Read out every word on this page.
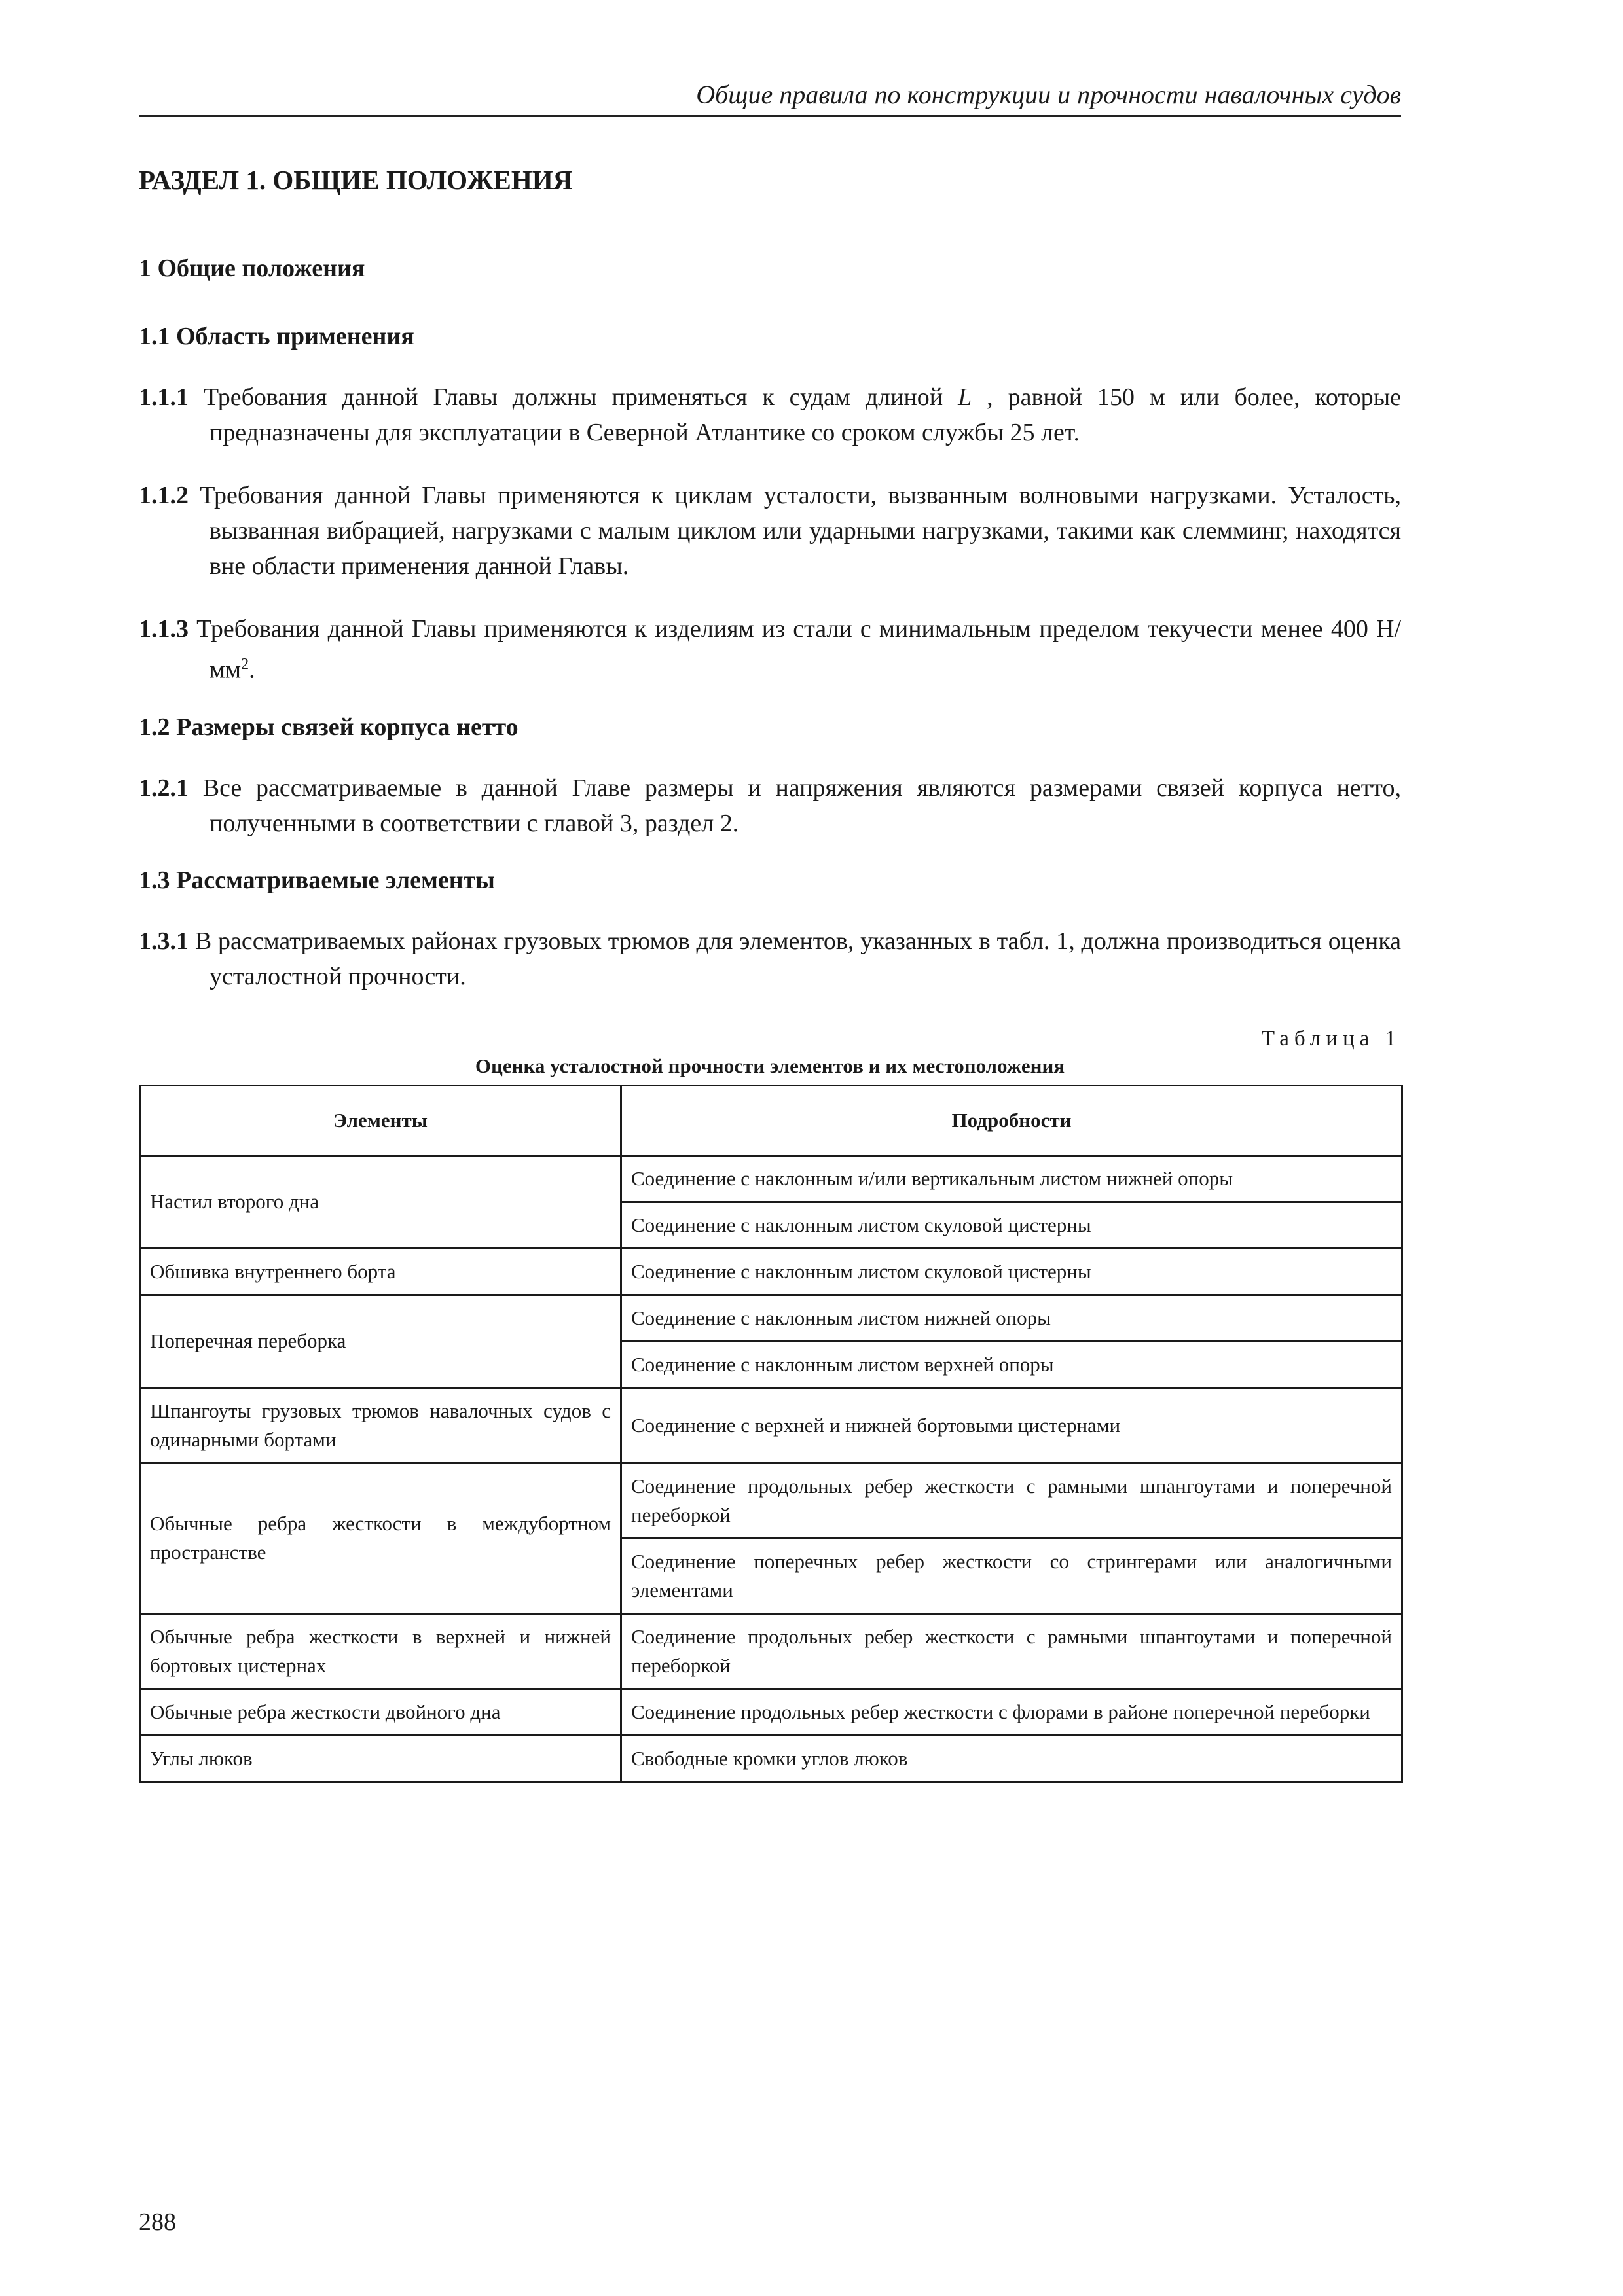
Общие правила по конструкции и прочности навалочных судов
РАЗДЕЛ 1. ОБЩИЕ ПОЛОЖЕНИЯ
1 Общие положения
1.1 Область применения

1.1.1 Требования данной Главы должны применяться к судам длиной L , равной 150 м или более, которые предназначены для эксплуатации в Северной Атлантике со сроком службы 25 лет.

1.1.2 Требования данной Главы применяются к циклам усталости, вызванным волновыми нагрузками. Усталость, вызванная вибрацией, нагрузками с малым циклом или ударными нагрузками, такими как слемминг, находятся вне области применения данной Главы.

1.1.3 Требования данной Главы применяются к изделиям из стали с минимальным пределом текучести менее 400 $Н/мм^2$.

1.2 Размеры связей корпуса нетто

1.2.1 Все рассматриваемые в данной Главе размеры и напряжения являются размерами связей корпуса нетто, полученными в соответствии с главой 3, раздел 2.

1.3 Рассматриваемые элементы

1.3.1 В рассматриваемых районах грузовых трюмов для элементов, указанных в табл. 1, должна производиться оценка усталостной прочности.

Таблица 1

Оценка усталостной прочности элементов и их местоположения

Элементы	Подробности
Настил второго дна	Соединение с наклонным и/или вертикальным листом нижней опоры
	Соединение с наклонным листом скуловой цистерны
Обшивка внутреннего борта	Соединение с наклонным листом скуловой цистерны
Поперечная переборка	Соединение с наклонным листом нижней опоры
	Соединение с наклонным листом верхней опоры
Шпангоуты грузовых трюмов навалочных судов с одинарными бортами	Соединение с верхней и нижней бортовыми цистернами
Обычные ребра жесткости в междубортном пространстве	Соединение продольных ребер жесткости с рамными шпангоутами и поперечной переборкой
	Соединение поперечных ребер жесткости со стрингерами или аналогичными элементами
Обычные ребра жесткости в верхней и нижней бортовых цистернах	Соединение продольных ребер жесткости с рамными шпангоутами и поперечной переборкой
Обычные ребра жесткости двойного дна	Соединение продольных ребер жесткости с флорами в районе поперечной переборки
Углы люков	Свободные кромки углов люков
288
